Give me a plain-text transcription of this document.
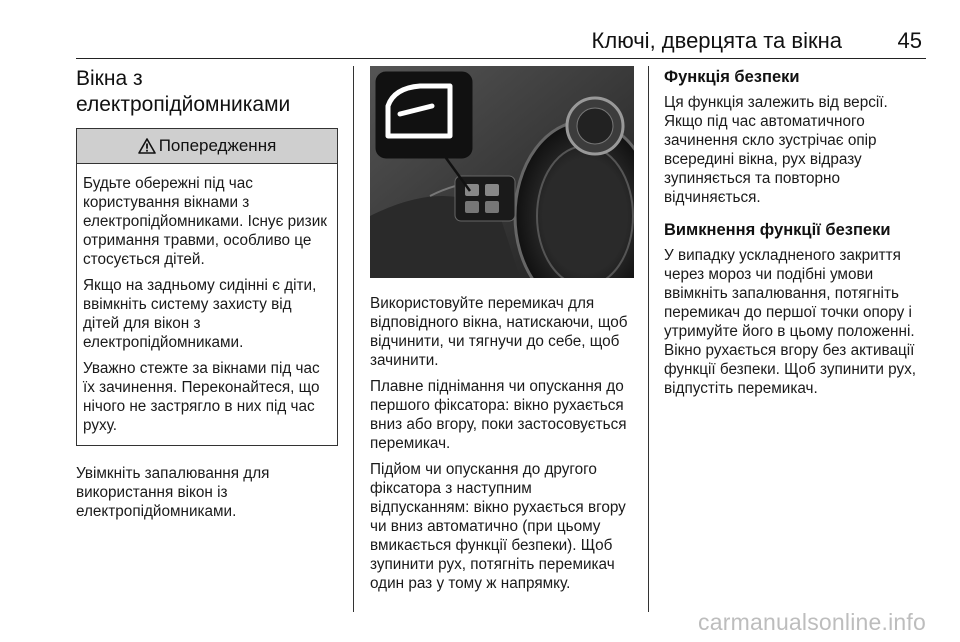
Ключі, дверцята та вікна	45
Вікна з
електропідйомниками
Попередження

Будьте обережні під час користування вікнами з електропідйомниками. Існує ризик отримання травми, особливо це стосується дітей.

Якщо на задньому сидінні є діти, ввімкніть систему захисту від дітей для вікон з електропідйомниками.

Уважно стежте за вікнами під час їх зачинення. Переконайтеся, що нічого не застрягло в них під час руху.

Увімкніть запалювання для використання вікон із електропідйомниками.

Використовуйте перемикач для відповідного вікна, натискаючи, щоб відчинити, чи тягнучи до себе, щоб зачинити.

Плавне піднімання чи опускання до першого фіксатора: вікно рухається вниз або вгору, поки застосовується перемикач.

Підйом чи опускання до другого фіксатора з наступним відпусканням: вікно рухається вгору чи вниз автоматично (при цьому вмикається функції безпеки). Щоб зупинити рух, потягніть перемикач один раз у тому ж напрямку.

Функція безпеки

Ця функція залежить від версії. Якщо під час автоматичного зачинення скло зустрічає опір всередині вікна, рух відразу зупиняється та повторно відчиняється.

Вимкнення функції безпеки

У випадку ускладненого закриття через мороз чи подібні умови ввімкніть запалювання, потягніть перемикач до першої точки опору і утримуйте його в цьому положенні. Вікно рухається вгору без активації функції безпеки. Щоб зупинити рух, відпустіть перемикач.

carmanualsonline.info
